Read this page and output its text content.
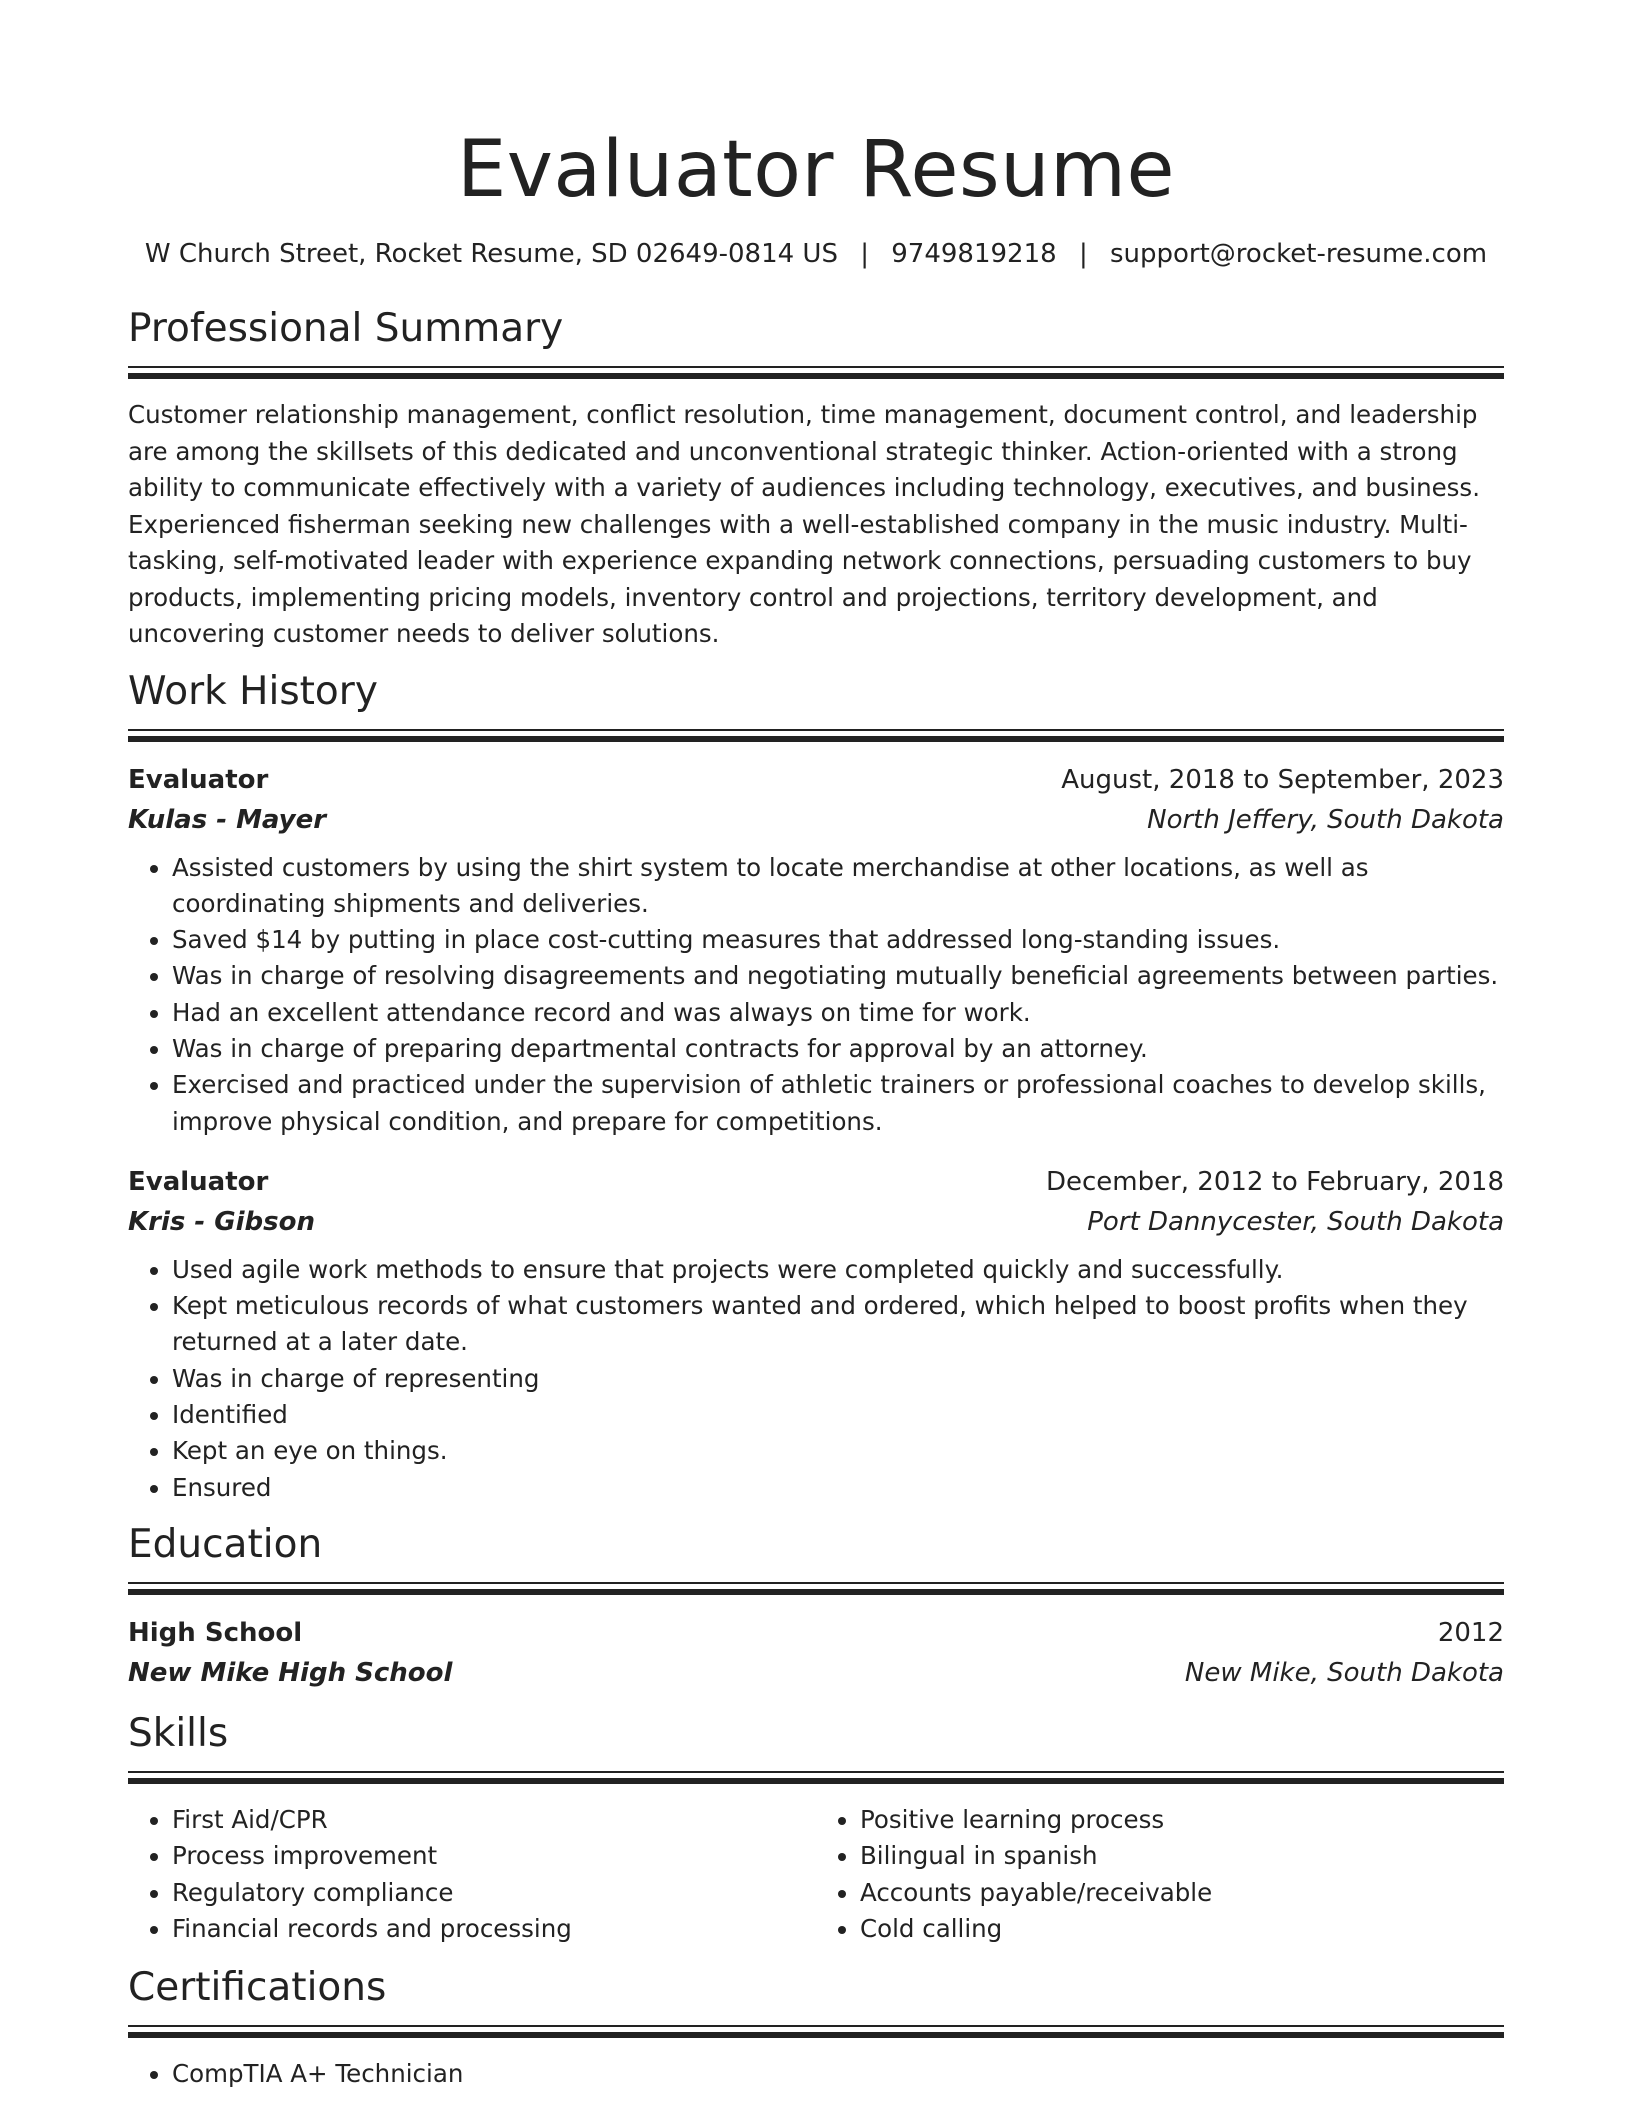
Evaluator Resume
W Church Street, Rocket Resume, SD 02649-0814 US | 9749819218 | support@rocket-resume.com
Professional Summary

Customer relationship management, conflict resolution, time management, document control, and leadership are among the skillsets of this dedicated and unconventional strategic thinker. Action-oriented with a strong ability to communicate effectively with a variety of audiences including technology, executives, and business. Experienced fisherman seeking new challenges with a well-established company in the music industry. Multi-tasking, self-motivated leader with experience expanding network connections, persuading customers to buy products, implementing pricing models, inventory control and projections, territory development, and uncovering customer needs to deliver solutions.

Work History
Evaluator	August, 2018 to September, 2023
Kulas - Mayer	North Jeffery, South Dakota
• Assisted customers by using the shirt system to locate merchandise at other locations, as well as coordinating shipments and deliveries.
• Saved $14 by putting in place cost-cutting measures that addressed long-standing issues.
• Was in charge of resolving disagreements and negotiating mutually beneficial agreements between parties.
• Had an excellent attendance record and was always on time for work.
• Was in charge of preparing departmental contracts for approval by an attorney.
• Exercised and practiced under the supervision of athletic trainers or professional coaches to develop skills, improve physical condition, and prepare for competitions.
Evaluator	December, 2012 to February, 2018
Kris - Gibson	Port Dannycester, South Dakota
• Used agile work methods to ensure that projects were completed quickly and successfully.
• Kept meticulous records of what customers wanted and ordered, which helped to boost profits when they returned at a later date.
• Was in charge of representing
• Identified
• Kept an eye on things.
• Ensured
Education
High School	2012
New Mike High School	New Mike, South Dakota
Skills
• First Aid/CPR
• Process improvement
• Regulatory compliance
• Financial records and processing
• Positive learning process
• Bilingual in spanish
• Accounts payable/receivable
• Cold calling
Certifications
• CompTIA A+ Technician
